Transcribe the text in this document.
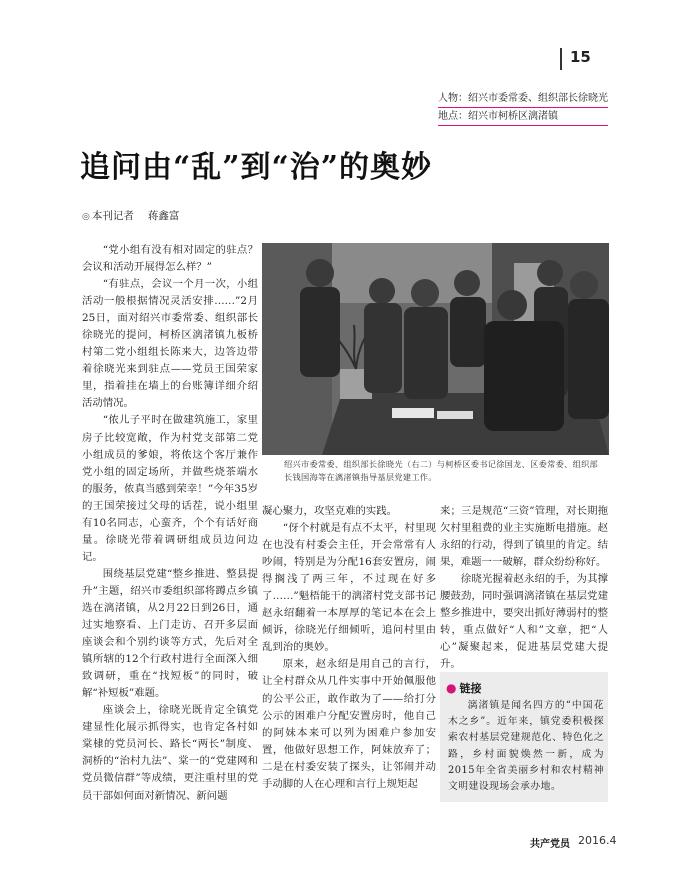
15
人物：绍兴市委常委、组织部长徐晓光
地点：绍兴市柯桥区漓渚镇
追问由“乱”到“治”的奥妙
◎ 本刊记者 蒋鑫富

“党小组有没有相对固定的驻点？会议和活动开展得怎么样？”

“有驻点，会议一个月一次，小组活动一般根据情况灵活安排……”2月25日，面对绍兴市委常委、组织部长徐晓光的提问，柯桥区漓渚镇九板桥村第二党小组组长陈来大，边答边带着徐晓光来到驻点——党员王国荣家里，指着挂在墙上的台账簿详细介绍活动情况。

“侬儿子平时在做建筑施工，家里房子比较宽敞，作为村党支部第二党小组成员的爹娘，将侬这个客厅兼作党小组的固定场所，并做些烧茶端水的服务，侬真当感到荣幸！”今年35岁的王国荣接过父母的话茬，说小组里有10名同志，心蛮齐，个个有话好商量。徐晓光带着调研组成员边问边记。

围绕基层党建“整乡推进、整县提升”主题，绍兴市委组织部将蹲点乡镇选在漓渚镇，从2月22日到26日，通过实地察看、上门走访、召开多层面座谈会和个别约谈等方式，先后对全镇所辖的12个行政村进行全面深入细致调研，重在“找短板”的同时，破解“补短板”难题。

座谈会上，徐晓光既肯定全镇党建显性化展示抓得实，也肯定各村如棠棣的党员河长、路长“两长”制度、洞桥的“治村九法”、棠一的“党建网和党员微信群”等成绩，更注重村里的党员干部如何面对新情况、新问题

绍兴市委常委、组织部长徐晓光（右二）与柯桥区委书记徐国龙、区委常委、组织部长钱国海等在漓渚镇指导基层党建工作。

凝心聚力，攻坚克难的实践。

“伢个村就是有点不太平，村里现在也没有村委会主任，开会常常有人吵闹，特别是为分配16套安置房，闹得搁浅了两三年，不过现在好多了……”魁梧能干的漓渚村党支部书记赵永绍翻着一本厚厚的笔记本在会上倾诉，徐晓光仔细倾听，追问村里由乱到治的奥妙。

原来，赵永绍是用自己的言行，让全村群众从几件实事中开始佩服他的公平公正，敢作敢为了——给打分公示的困难户分配安置房时，他自己的阿妹本来可以列为困难户参加安置，他做好思想工作，阿妹放弃了；二是在村委安装了探头，让邻闹并动手动脚的人在心理和言行上规矩起

来；三是规范“三资”管理，对长期拖欠村里租费的业主实施断电措施。赵永绍的行动，得到了镇里的肯定。结果，难题一一破解，群众纷纷称好。

徐晓光握着赵永绍的手，为其撑腰鼓劲，同时强调漓渚镇在基层党建整乡推进中，要突出抓好薄弱村的整转，重点做好“人和”文章，把“人心”凝聚起来，促进基层党建大提升。

● 链接
漓渚镇是闻名四方的“中国花木之乡”。近年来，镇党委积极探索农村基层党建规范化、特色化之路，乡村面貌焕然一新，成为2015年全省美丽乡村和农村精神文明建设现场会承办地。
共产党员 2016.4
